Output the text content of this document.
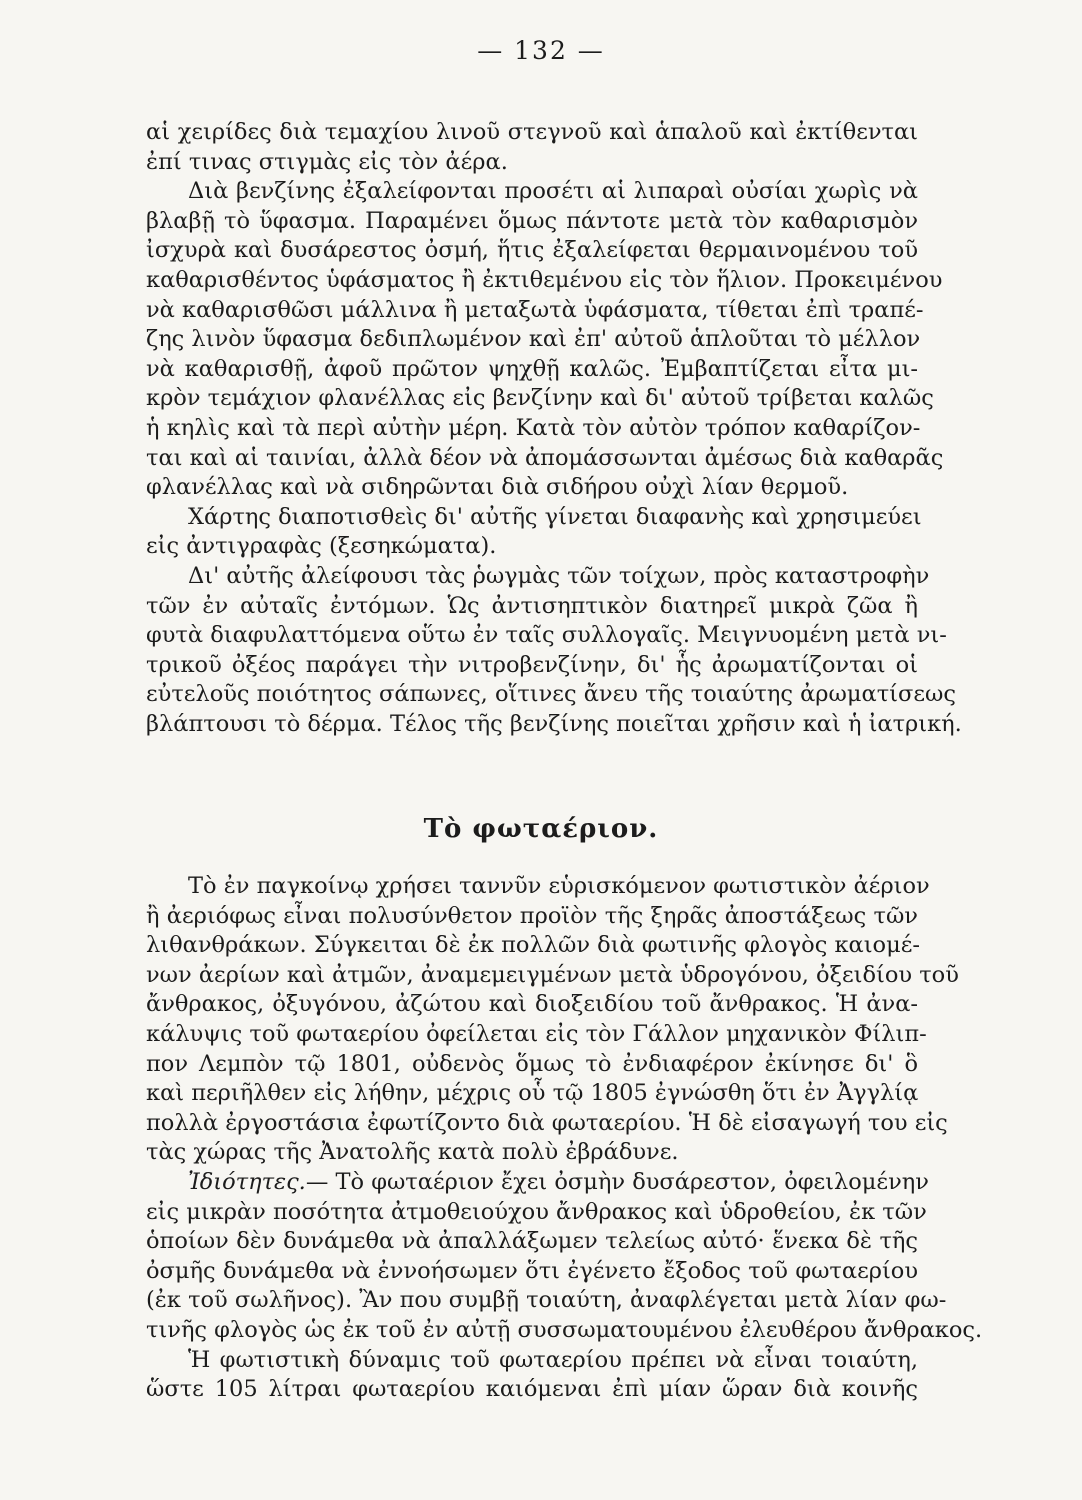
— 132 —
αἱ χειρίδες διὰ τεμαχίου λινοῦ στεγνοῦ καὶ ἁπαλοῦ καὶ ἐκτίθενται
ἐπί τινας στιγμὰς εἰς τὸν ἀέρα.
Διὰ βενζίνης ἐξαλείφονται προσέτι αἱ λιπαραὶ οὐσίαι χωρὶς νὰ
βλαβῇ τὸ ὕφασμα. Παραμένει ὅμως πάντοτε μετὰ τὸν καθαρισμὸν
ἰσχυρὰ καὶ δυσάρεστος ὀσμή, ἥτις ἐξαλείφεται θερμαινομένου τοῦ
καθαρισθέντος ὑφάσματος ἢ ἐκτιθεμένου εἰς τὸν ἥλιον. Προκειμένου
νὰ καθαρισθῶσι μάλλινα ἢ μεταξωτὰ ὑφάσματα, τίθεται ἐπὶ τραπέ-
ζης λινὸν ὕφασμα δεδιπλωμένον καὶ ἐπ' αὐτοῦ ἁπλοῦται τὸ μέλλον
νὰ καθαρισθῇ, ἀφοῦ πρῶτον ψηχθῇ καλῶς. Ἐμβαπτίζεται εἶτα μι-
κρὸν τεμάχιον φλανέλλας εἰς βενζίνην καὶ δι' αὐτοῦ τρίβεται καλῶς
ἡ κηλὶς καὶ τὰ περὶ αὐτὴν μέρη. Κατὰ τὸν αὐτὸν τρόπον καθαρίζον-
ται καὶ αἱ ταινίαι, ἀλλὰ δέον νὰ ἀπομάσσωνται ἀμέσως διὰ καθαρᾶς
φλανέλλας καὶ νὰ σιδηρῶνται διὰ σιδήρου οὐχὶ λίαν θερμοῦ.
Χάρτης διαποτισθεὶς δι' αὐτῆς γίνεται διαφανὴς καὶ χρησιμεύει
εἰς ἀντιγραφὰς (ξεσηκώματα).
Δι' αὐτῆς ἀλείφουσι τὰς ῥωγμὰς τῶν τοίχων, πρὸς καταστροφὴν
τῶν ἐν αὐταῖς ἐντόμων. Ὡς ἀντισηπτικὸν διατηρεῖ μικρὰ ζῶα ἢ
φυτὰ διαφυλαττόμενα οὕτω ἐν ταῖς συλλογαῖς. Μειγνυομένη μετὰ νι-
τρικοῦ ὀξέος παράγει τὴν νιτροβενζίνην, δι' ἧς ἀρωματίζονται οἱ
εὐτελοῦς ποιότητος σάπωνες, οἵτινες ἄνευ τῆς τοιαύτης ἀρωματίσεως
βλάπτουσι τὸ δέρμα. Τέλος τῆς βενζίνης ποιεῖται χρῆσιν καὶ ἡ ἰατρική.
Τὸ φωταέριον.
Τὸ ἐν παγκοίνῳ χρήσει ταννῦν εὑρισκόμενον φωτιστικὸν ἀέριον
ἢ ἀεριόφως εἶναι πολυσύνθετον προϊὸν τῆς ξηρᾶς ἀποστάξεως τῶν
λιθανθράκων. Σύγκειται δὲ ἐκ πολλῶν διὰ φωτινῆς φλογὸς καιομέ-
νων ἀερίων καὶ ἀτμῶν, ἀναμεμειγμένων μετὰ ὑδρογόνου, ὀξειδίου τοῦ
ἄνθρακος, ὀξυγόνου, ἀζώτου καὶ διοξειδίου τοῦ ἄνθρακος. Ἡ ἀνα-
κάλυψις τοῦ φωταερίου ὀφείλεται εἰς τὸν Γάλλον μηχανικὸν Φίλιπ-
πον Λεμπὸν τῷ 1801, οὐδενὸς ὅμως τὸ ἐνδιαφέρον ἐκίνησε δι' ὃ
καὶ περιῆλθεν εἰς λήθην, μέχρις οὗ τῷ 1805 ἐγνώσθη ὅτι ἐν Ἀγγλίᾳ
πολλὰ ἐργοστάσια ἐφωτίζοντο διὰ φωταερίου. Ἡ δὲ εἰσαγωγή του εἰς
τὰς χώρας τῆς Ἀνατολῆς κατὰ πολὺ ἐβράδυνε.
Ἰδιότητες.— Τὸ φωταέριον ἔχει ὀσμὴν δυσάρεστον, ὀφειλομένην
εἰς μικρὰν ποσότητα ἀτμοθειούχου ἄνθρακος καὶ ὑδροθείου, ἐκ τῶν
ὁποίων δὲν δυνάμεθα νὰ ἀπαλλάξωμεν τελείως αὐτό· ἕνεκα δὲ τῆς
ὀσμῆς δυνάμεθα νὰ ἐννοήσωμεν ὅτι ἐγένετο ἔξοδος τοῦ φωταερίου
(ἐκ τοῦ σωλῆνος). Ἂν που συμβῇ τοιαύτη, ἀναφλέγεται μετὰ λίαν φω-
τινῆς φλογὸς ὡς ἐκ τοῦ ἐν αὐτῇ συσσωματουμένου ἐλευθέρου ἄνθρακος.
Ἡ φωτιστικὴ δύναμις τοῦ φωταερίου πρέπει νὰ εἶναι τοιαύτη,
ὥστε 105 λίτραι φωταερίου καιόμεναι ἐπὶ μίαν ὥραν διὰ κοινῆς
